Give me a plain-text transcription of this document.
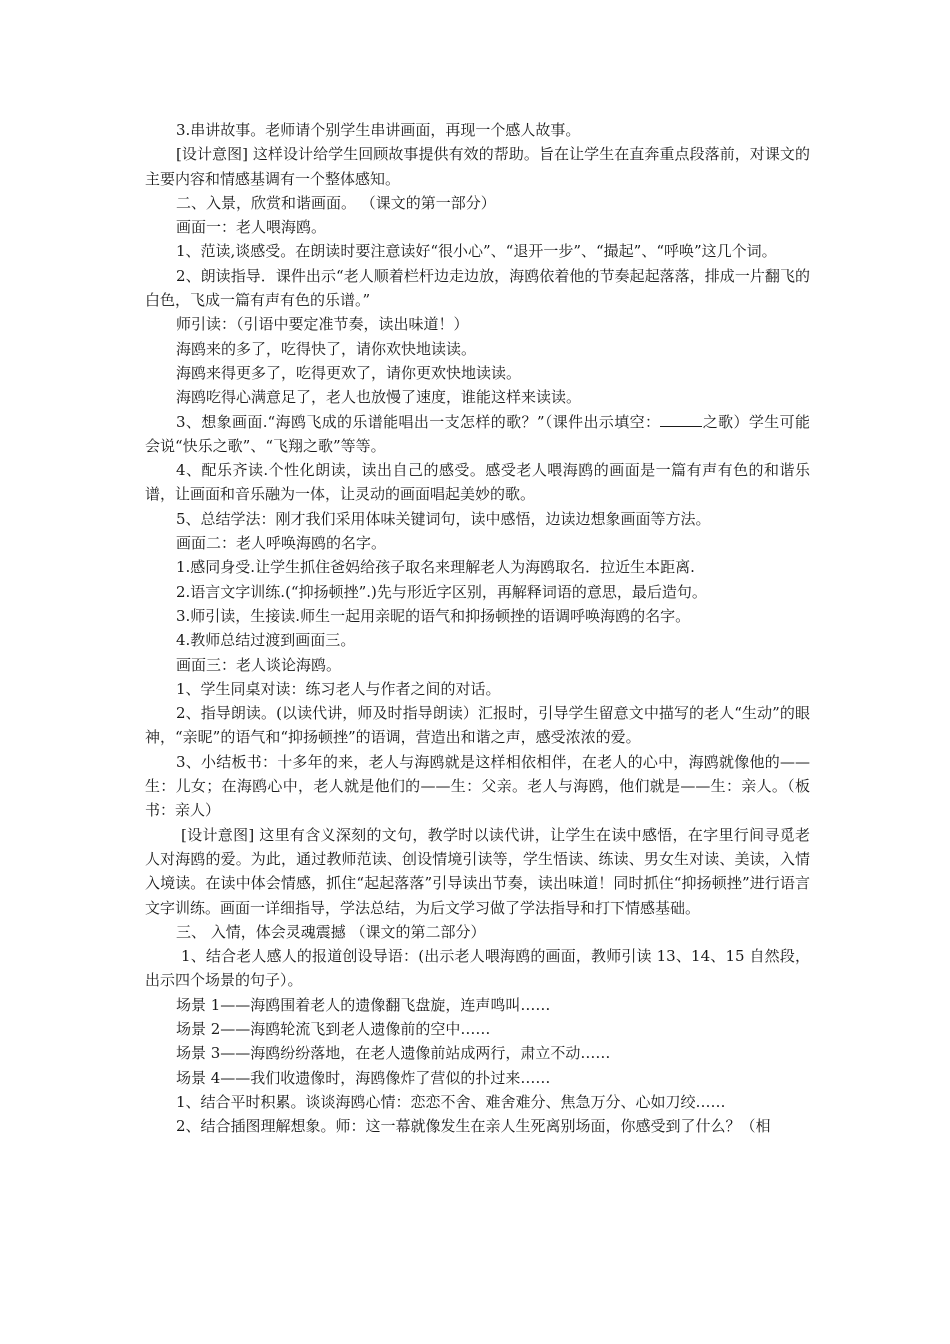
3.串讲故事。老师请个别学生串讲画面，再现一个感人故事。

[设计意图] 这样设计给学生回顾故事提供有效的帮助。旨在让学生在直奔重点段落前，对课文的主要内容和情感基调有一个整体感知。

二、入景，欣赏和谐画面。 （课文的第一部分）

画面一：老人喂海鸥。

1、范读,谈感受。在朗读时要注意读好“很小心”、“退开一步”、“撮起”、“呼唤”这几个词。

2、朗读指导．课件出示“老人顺着栏杆边走边放，海鸥依着他的节奏起起落落，排成一片翻飞的白色，飞成一篇有声有色的乐谱。”

师引读：（引语中要定准节奏，读出味道！）

海鸥来的多了，吃得快了，请你欢快地读读。

海鸥来得更多了，吃得更欢了，请你更欢快地读读。

海鸥吃得心满意足了，老人也放慢了速度，谁能这样来读读。

3、想象画面.“海鸥飞成的乐谱能唱出一支怎样的歌？”（课件出示填空：	之歌）学生可能会说“快乐之歌”、“飞翔之歌”等等。

4、配乐齐读.个性化朗读，读出自己的感受。感受老人喂海鸥的画面是一篇有声有色的和谐乐谱，让画面和音乐融为一体，让灵动的画面唱起美妙的歌。

5、总结学法：刚才我们采用体味关键词句，读中感悟，边读边想象画面等方法。

画面二：老人呼唤海鸥的名字。

1.感同身受.让学生抓住爸妈给孩子取名来理解老人为海鸥取名．拉近生本距离.

2.语言文字训练.(“抑扬顿挫”.)先与形近字区别，再解释词语的意思，最后造句。

3.师引读，生接读.师生一起用亲昵的语气和抑扬顿挫的语调呼唤海鸥的名字。

4.教师总结过渡到画面三。

画面三：老人谈论海鸥。

1、学生同桌对读：练习老人与作者之间的对话。

2、指导朗读。(以读代讲，师及时指导朗读）汇报时，引导学生留意文中描写的老人“生动”的眼神，“亲昵”的语气和“抑扬顿挫”的语调，营造出和谐之声，感受浓浓的爱。

3、小结板书：十多年的来，老人与海鸥就是这样相依相伴，在老人的心中，海鸥就像他的——生：儿女；在海鸥心中，老人就是他们的——生：父亲。老人与海鸥，他们就是——生：亲人。（板书：亲人）

[设计意图] 这里有含义深刻的文句，教学时以读代讲，让学生在读中感悟，在字里行间寻觅老人对海鸥的爱。为此，通过教师范读、创设情境引读等，学生悟读、练读、男女生对读、美读，入情入境读。在读中体会情感，抓住“起起落落”引导读出节奏，读出味道！同时抓住“抑扬顿挫”进行语言文字训练。画面一详细指导，学法总结，为后文学习做了学法指导和打下情感基础。

三、 入情，体会灵魂震撼 （课文的第二部分）

1、结合老人感人的报道创设导语：(出示老人喂海鸥的画面，教师引读 13、14、15 自然段，出示四个场景的句子）。

场景 1——海鸥围着老人的遗像翻飞盘旋，连声鸣叫……

场景 2——海鸥轮流飞到老人遗像前的空中……

场景 3——海鸥纷纷落地，在老人遗像前站成两行，肃立不动……

场景 4——我们收遗像时，海鸥像炸了营似的扑过来……

1、结合平时积累。谈谈海鸥心情：恋恋不舍、难舍难分、焦急万分、心如刀绞……

2、结合插图理解想象。师：这一幕就像发生在亲人生死离别场面，你感受到了什么？（相
